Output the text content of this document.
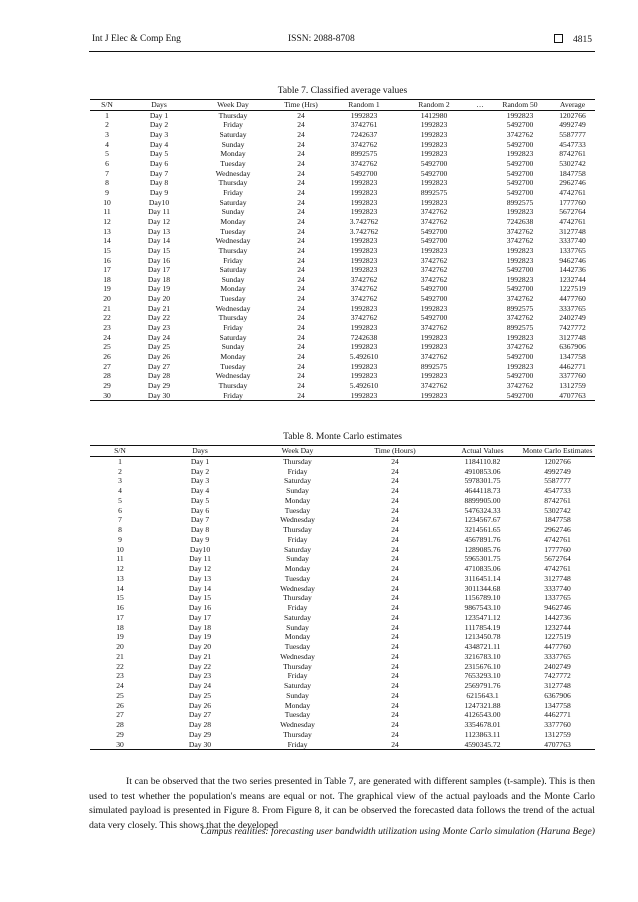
Int J Elec & Comp Eng	ISSN: 2088-8708	4815
Table 7. Classified average values
S/N	Days	Week Day	Time (Hrs)	Random 1	Random 2	…	Random 50	Average
1	Day 1	Thursday	24	1992823	1412980		1992823	1202766
2	Day 2	Friday	24	3742761	1992823		5492700	4992749
3	Day 3	Saturday	24	7242637	1992823		3742762	5587777
4	Day 4	Sunday	24	3742762	1992823		5492700	4547733
5	Day 5	Monday	24	8992575	1992823		1992823	8742761
6	Day 6	Tuesday	24	3742762	5492700		5492700	5302742
7	Day 7	Wednesday	24	5492700	5492700		5492700	1847758
8	Day 8	Thursday	24	1992823	1992823		5492700	2962746
9	Day 9	Friday	24	1992823	8992575		5492700	4742761
10	Day10	Saturday	24	1992823	1992823		8992575	1777760
11	Day 11	Sunday	24	1992823	3742762		1992823	5672764
12	Day 12	Monday	24	3.742762	3742762		7242638	4742761
13	Day 13	Tuesday	24	3.742762	5492700		3742762	3127748
14	Day 14	Wednesday	24	1992823	5492700		3742762	3337740
15	Day 15	Thursday	24	1992823	1992823		1992823	1337765
16	Day 16	Friday	24	1992823	3742762		1992823	9462746
17	Day 17	Saturday	24	1992823	3742762		5492700	1442736
18	Day 18	Sunday	24	3742762	3742762		1992823	1232744
19	Day 19	Monday	24	3742762	5492700		5492700	1227519
20	Day 20	Tuesday	24	3742762	5492700		3742762	4477760
21	Day 21	Wednesday	24	1992823	1992823		8992575	3337765
22	Day 22	Thursday	24	3742762	5492700		3742762	2402749
23	Day 23	Friday	24	1992823	3742762		8992575	7427772
24	Day 24	Saturday	24	7242638	1992823		1992823	3127748
25	Day 25	Sunday	24	1992823	1992823		3742762	6367906
26	Day 26	Monday	24	5.492610	3742762		5492700	1347758
27	Day 27	Tuesday	24	1992823	8992575		1992823	4462771
28	Day 28	Wednesday	24	1992823	1992823		5492700	3377760
29	Day 29	Thursday	24	5.492610	3742762		3742762	1312759
30	Day 30	Friday	24	1992823	1992823		5492700	4707763
Table 8. Monte Carlo estimates
S/N	Days	Week Day	Time (Hours)	Actual Values	Monte Carlo Estimates
1	Day 1	Thursday	24	1184110.82	1202766
2	Day 2	Friday	24	4910853.06	4992749
3	Day 3	Saturday	24	5978301.75	5587777
4	Day 4	Sunday	24	4644118.73	4547733
5	Day 5	Monday	24	8899905.00	8742761
6	Day 6	Tuesday	24	5476324.33	5302742
7	Day 7	Wednesday	24	1234567.67	1847758
8	Day 8	Thursday	24	3214561.65	2962746
9	Day 9	Friday	24	4567891.76	4742761
10	Day10	Saturday	24	1289085.76	1777760
11	Day 11	Sunday	24	5965301.75	5672764
12	Day 12	Monday	24	4710835.06	4742761
13	Day 13	Tuesday	24	3116451.14	3127748
14	Day 14	Wednesday	24	3011344.68	3337740
15	Day 15	Thursday	24	1156789.10	1337765
16	Day 16	Friday	24	9867543.10	9462746
17	Day 17	Saturday	24	1235471.12	1442736
18	Day 18	Sunday	24	1117854.19	1232744
19	Day 19	Monday	24	1213450.78	1227519
20	Day 20	Tuesday	24	4348721.11	4477760
21	Day 21	Wednesday	24	3216783.10	3337765
22	Day 22	Thursday	24	2315676.10	2402749
23	Day 23	Friday	24	7653293.10	7427772
24	Day 24	Saturday	24	2569791.76	3127748
25	Day 25	Sunday	24	6215643.1	6367906
26	Day 26	Monday	24	1247321.88	1347758
27	Day 27	Tuesday	24	4126543.00	4462771
28	Day 28	Wednesday	24	3354678.01	3377760
29	Day 29	Thursday	24	1123863.11	1312759
30	Day 30	Friday	24	4590345.72	4707763

It can be observed that the two series presented in Table 7, are generated with different samples (t-sample). This is then used to test whether the population's means are equal or not. The graphical view of the actual payloads and the Monte Carlo simulated payload is presented in Figure 8. From Figure 8, it can be observed the forecasted data follows the trend of the actual data very closely. This shows that the developed

Campus realities: forecasting user bandwidth utilization using Monte Carlo simulation (Haruna Bege)
